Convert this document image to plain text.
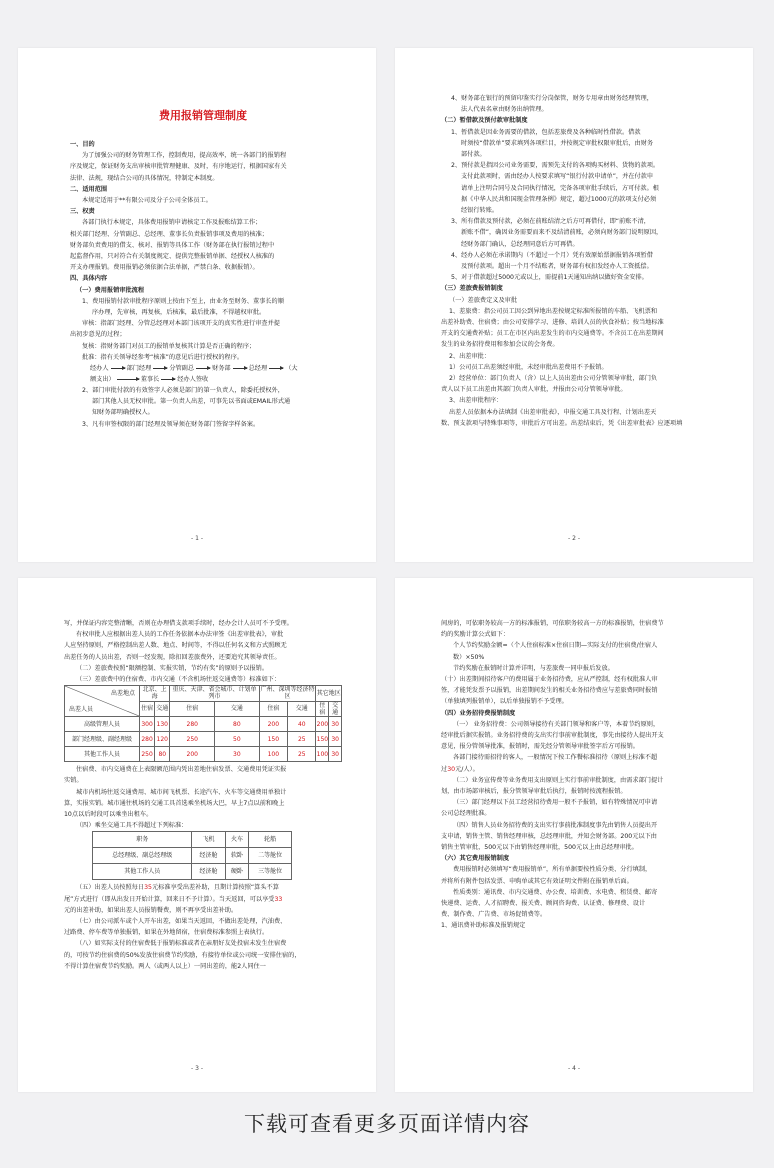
费用报销管理制度
一、目的
为了加强公司的财务管理工作，控制费用，提高效率，统一各部门的报销程
序及规定，保证财务支出审核审批管理健康、及时，有序地运行，根据国家有关
法律、法规，现结合公司的具体情况，特制定本制度。
二、适用范围
本规定适用于**有限公司及分子公司全体员工。
三、权责
各部门执行本规定，具体费用报销申请核定工作及报账结算工作；
相关部门经理、分管副总、总经理、董事长负责报销事项及费用的核准；
财务部负责费用的借支、核对、报销等具体工作（财务部在执行报销过程中
起监督作用，只对符合有关制度规定、提供完整报销单据、经授权人核准的
开支办理报销。费用报销必须依据合法单据，严禁白条、收据报销）。
四、具体内容
（一）费用报销审批流程
1、费用报销付款审批程序原则上按由下至上，由业务至财务、董事长的顺
序办理，先审核，再复核，后核准，最后批准，不得越权审批。
审核：指部门经理、分管总经理对本部门该项开支的真实性进行审查并提
出初步意见的过程；
复核：指财务部门对员工的报销单复核其计算是否正确的程序；
批准：指有关领导经参考“核准”的意见后进行授权的程序。
经办人	部门经理	分管副总	财务部	总经理	（大
额支出）	董事长	经办人签收
2、部门审批付款的有效签字人必须是部门的第一负责人，除委托授权外，
部门其他人员无权审批。第一负责人出差，可事先以书面或EMAIL形式通
知财务部明确授权人。
3、凡有审签权限的部门经理及领导须在财务部门签留字样备案。
- 1 -
4、财务部在银行的预留印鉴实行分岗保管，财务专用章由财务经理管理，
法人代表名章由财务出纳管理。
（二）暂借款及预付款审批制度
1、暂借款是因业务需要的借款，包括差旅费及各种临时性借款。借款
时须按“借款单”要求填列各项栏目，并按规定审批权限审批后，由财务
部付款。
2、预付款是指因公司业务需要，需预先支付的各项购买材料、货物的款项。
支付此款项时，需由经办人按要求填写“银行付款申请单”，并在付款申
请单上注明合同号及合同执行情况，完备各项审批手续后，方可付款。根
据《中华人民共和国现金管理条例》规定，超过1000元的款项支付必须
经银行转账。
3、所有借款及预付款，必须在前账结清之后方可再借付，即“前账不清，
新账不借”，确因业务需要而来不及结清前账，必须向财务部门说明原因，
经财务部门确认，总经理同意后方可再借。
4、经办人必须在承诺期内（不超过一个月）凭有效原始票据报销各项暂借
及预付款项。超出一个月不结账者，财务部有权扣发经办人工资抵偿。
5、对于借款超过5000元或以上，需提前1天通知出纳以做好资金安排。
（三）差旅费报销制度
（一）差旅费定义及审批
1、差旅费：指公司员工因公到异地出差按规定标准所报销的车船、飞机票和
出差补助费、住宿费；由公司安排学习、进修、培训人员的伙食补贴；按当地标准
开支的交通费补贴；员工在市区内出差发生的市内交通费等。不含员工在出差期间
发生的业务招待费用和参加会议的会务费。
2、出差审批：
1）公司员工出差须经审批，未经审批出差费用不予报销。
2）经营单位：部门负责人（含）以上人员出差由公司分管领导审批，部门负
责人以下员工出差由其部门负责人审批，并报由公司分管领导审批。
3、出差审批程序：
出差人员依据本办法填制《出差审批表》，申报交通工具及行程、计划出差天
数、预支款项与特殊事项等，审批后方可出差。出差结束后，凭《出差审批表》应逐项填
- 2 -
写，并保证内容完整清晰，否则在办理借支款项手续时，经办会计人员可不予受理。
有权审批人应根据出差人员的工作任务依据本办法审签《出差审批表》，审批
人应坚持原则，严格控制出差人数、地点、时间等，不得以任何名义和方式照顾无
出差任务的人员出差，否则一经发现，除扣回差旅费外，还要追究其领导责任。
（二）差旅费按照“限额控制、实报实销，节约有奖”的原则予以报销。
（三）差旅费中的住宿费、市内交通（不含机场往返交通费等）标准如下：
出差地点
出差人员	北京、上海		重庆、天津、省会城市、计划单列市		广州、深圳等经济特区		其它地区	
	住宿	交通	住宿	交通	住宿	交通	住宿	交通
高级管理人员	300	130	280	80	200	40	200	30
部门经理级、副经理级	280	120	250	50	150	25	150	30
其他工作人员	250	80	200	30	100	25	100	30
住宿费、市内交通费在上表限额范围内凭出差地住宿发票、交通费用凭证实报
实销。
城市内机场往返交通费用、城市间飞机票、长途汽车、火车等交通费用单独计
算，实报实销。城市通往机场的交通工具首选乘坐机场大巴，早上7点以前和晚上
10点以后时段可以乘坐出租车。
（四）乘坐交通工具不得超过下列标准：
职务	飞机	火车	轮船
总经理级、副总经理级	经济舱	软卧	二等舱位
其他工作人员	经济舱	硬卧	三等舱位
（五）出差人员按照每日35元标准享受出差补助，且期计算按照“算头不算
尾”方式进行（即从出发日开始计算，回来日不予计算）。当天返回，可以享受33
元的出差补助，如果出差人员报销餐费，则不再享受出差补助。
（七）由公司派车或个人开车出差，如果当天返回，不做出差处理，汽油费、
过路费、停车费等单独报销，如果在外地留宿，住宿费标准参照上表执行。
（八）如实际支付的住宿费低于报销标准或者在亲朋好友处投宿未发生住宿费
的，可按节约住宿费的50%发放住宿费节约奖励，有接待单位或公司统一安排住宿的，
不得计算住宿费节约奖励。两人（或两人以上）一同出差的，能2人同住一
- 3 -
间房的，可依职务较高一方的标准报销，可依职务较高一方的标准报销，住宿费节
约的奖励计算公式如下：
个人节约奖励金额=（个人住宿标准×住宿日期—实际支付的住宿费/住宿人
数）×50%
节约奖励在报销时计算并详明，与差旅费一同申报后发放。
（十）出差期间招待客户的费用属于业务招待费，应从严控制，经有权批准人审
签，才能凭发票予以报销，出差期间发生的相关业务招待费应与差旅费同时报销
（单独填列报销单），以后单独报销不予受理。
（四）业务招待费报销制度
（一） 业务招待费：公司领导接待有关部门领导和客户等，本着节约原则，
经审批后据实报销。业务招待费的支出实行事前审批制度，事先由接待人提出开支
意见，报分管领导批准，报销时，需先经分管领导审批签字后方可报销。
各部门接待需招待的客人，一般情况下按工作餐标准招待（原则上标准不超
过30元/人）。
（二）业务宣传费等业务费用支出原则上实行事前审批制度，由需求部门提计
划，由市场部审核后，报分管领导审批后执行，报销时按流程报销。
（三）部门经理以下员工经营招待费用一般不予报销，如有特殊情况可申请
公司总经理批准。
（四）销售人员业务招待费的支出实行事前批准制度事先由销售人员提出开
支申请，销售主管、销售经理审核，总经理审批，并知会财务部。200元以下由
销售主管审批，500元以下由销售经理审批，500元以上由总经理审批。
（六）其它费用报销制度
费用报销时必须填写“费用报销单”，所有单据要按性质分类、分行填制，
并将所有附件包括发票、申购单或其它有效证明文件附在报销单后面。
性质类别：通讯费、市内交通费、办公费、培训费、水电费、租赁费、邮寄
快递费、运费、人才招聘费、报关费、顾问咨询费、认证费、修理费、设计
费、制作费、广告费、市场促销费等。
1、通讯费补助标准及报销规定
- 4 -
下载可查看更多页面详情内容
